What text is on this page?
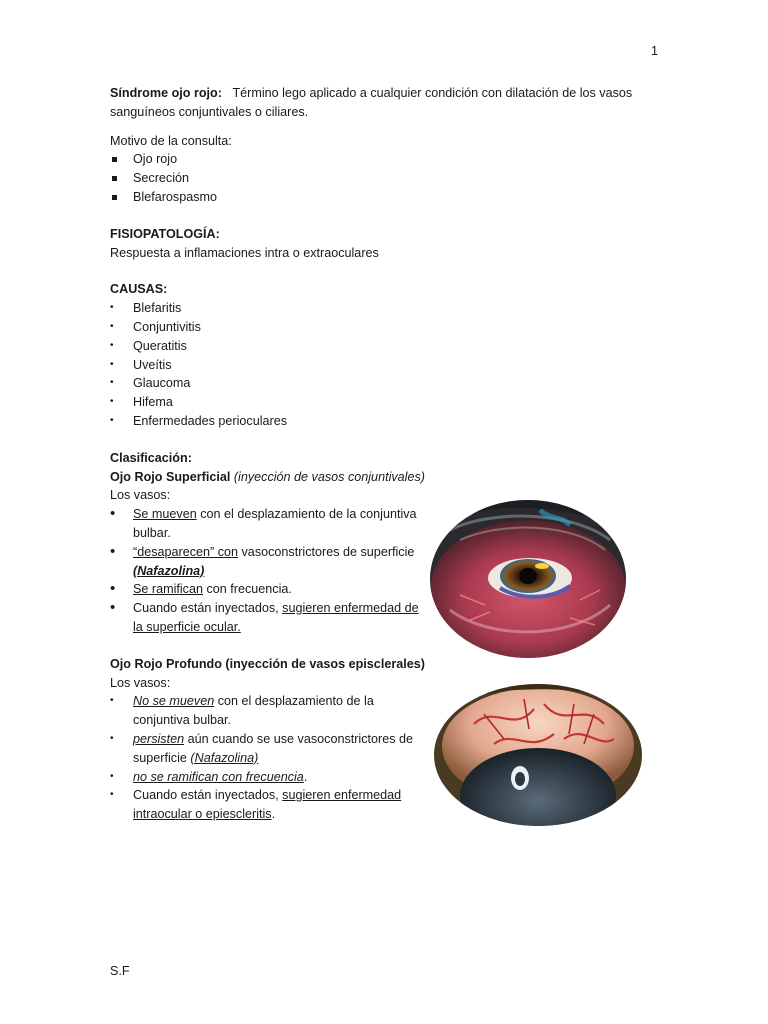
1

Síndrome ojo rojo: Término lego aplicado a cualquier condición con dilatación de los vasos sanguíneos conjuntivales o ciliares.

Motivo de la consulta:

Ojo rojo
Secreción
Blefarospasmo

FISIOPATOLOGÍA:

Respuesta a inflamaciones intra o extraoculares

CAUSAS:

• Blefaritis
• Conjuntivitis
• Queratitis
• Uveítis
• Glaucoma
• Hifema
• Enfermedades perioculares

Clasificación:

Ojo Rojo Superficial (inyección de vasos conjuntivales)

Los vasos:

• Se mueven con el desplazamiento de la conjuntiva bulbar.
• “desaparecen” con vasoconstrictores de superficie (Nafazolina)
• Se ramifican con frecuencia.
• Cuando están inyectados, sugieren enfermedad de la superficie ocular.

Ojo Rojo Profundo (inyección de vasos episclerales)

Los vasos:

• No se mueven con el desplazamiento de la conjuntiva bulbar.
• persisten aún cuando se use vasoconstrictores de superficie (Nafazolina)
• no se ramifican con frecuencia.
• Cuando están inyectados, sugieren enfermedad intraocular o epiescleritis.
S.F
